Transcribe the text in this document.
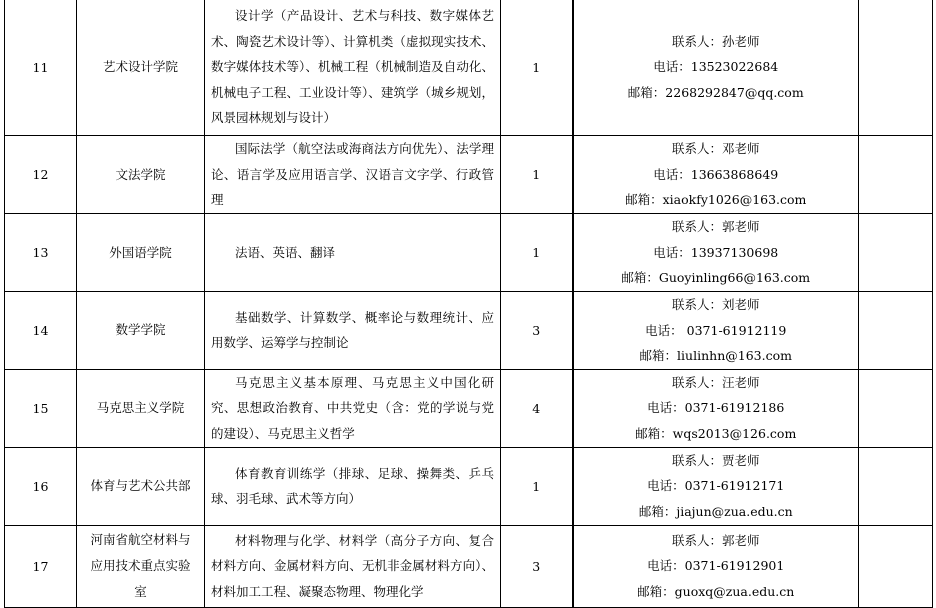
11	艺术设计学院	设计学（产品设计、艺术与科技、数字媒体艺术、陶瓷艺术设计等）、计算机类（虚拟现实技术、数字媒体技术等）、机械工程（机械制造及自动化、机械电子工程、工业设计等）、建筑学（城乡规划，风景园林规划与设计）	1	联系人：孙老师
电话：13523022684
邮箱：2268292847@qq.com	

12	文法学院	国际法学（航空法或海商法方向优先）、法学理论、语言学及应用语言学、汉语言文字学、行政管理	1	联系人：邓老师
电话：13663868649
邮箱：xiaokfy1026@163.com	

13	外国语学院	法语、英语、翻译	1	联系人：郭老师
电话：13937130698
邮箱：Guoyinling66@163.com	

14	数学学院	基础数学、计算数学、概率论与数理统计、应用数学、运筹学与控制论	3	联系人：刘老师
电话： 0371-61912119
邮箱：liulinhn@163.com	

15	马克思主义学院	马克思主义基本原理、马克思主义中国化研究、思想政治教育、中共党史（含：党的学说与党的建设）、马克思主义哲学	4	联系人：汪老师
电话：0371-61912186
邮箱：wqs2013@126.com	

16	体育与艺术公共部	体育教育训练学（排球、足球、操舞类、乒乓球、羽毛球、武术等方向）	1	联系人：贾老师
电话：0371-61912171
邮箱：jiajun@zua.edu.cn	

17	河南省航空材料与应用技术重点实验室	材料物理与化学、材料学（高分子方向、复合材料方向、金属材料方向、无机非金属材料方向）、材料加工工程、凝聚态物理、物理化学	3	联系人：郭老师
电话：0371-61912901
邮箱：guoxq@zua.edu.cn	
